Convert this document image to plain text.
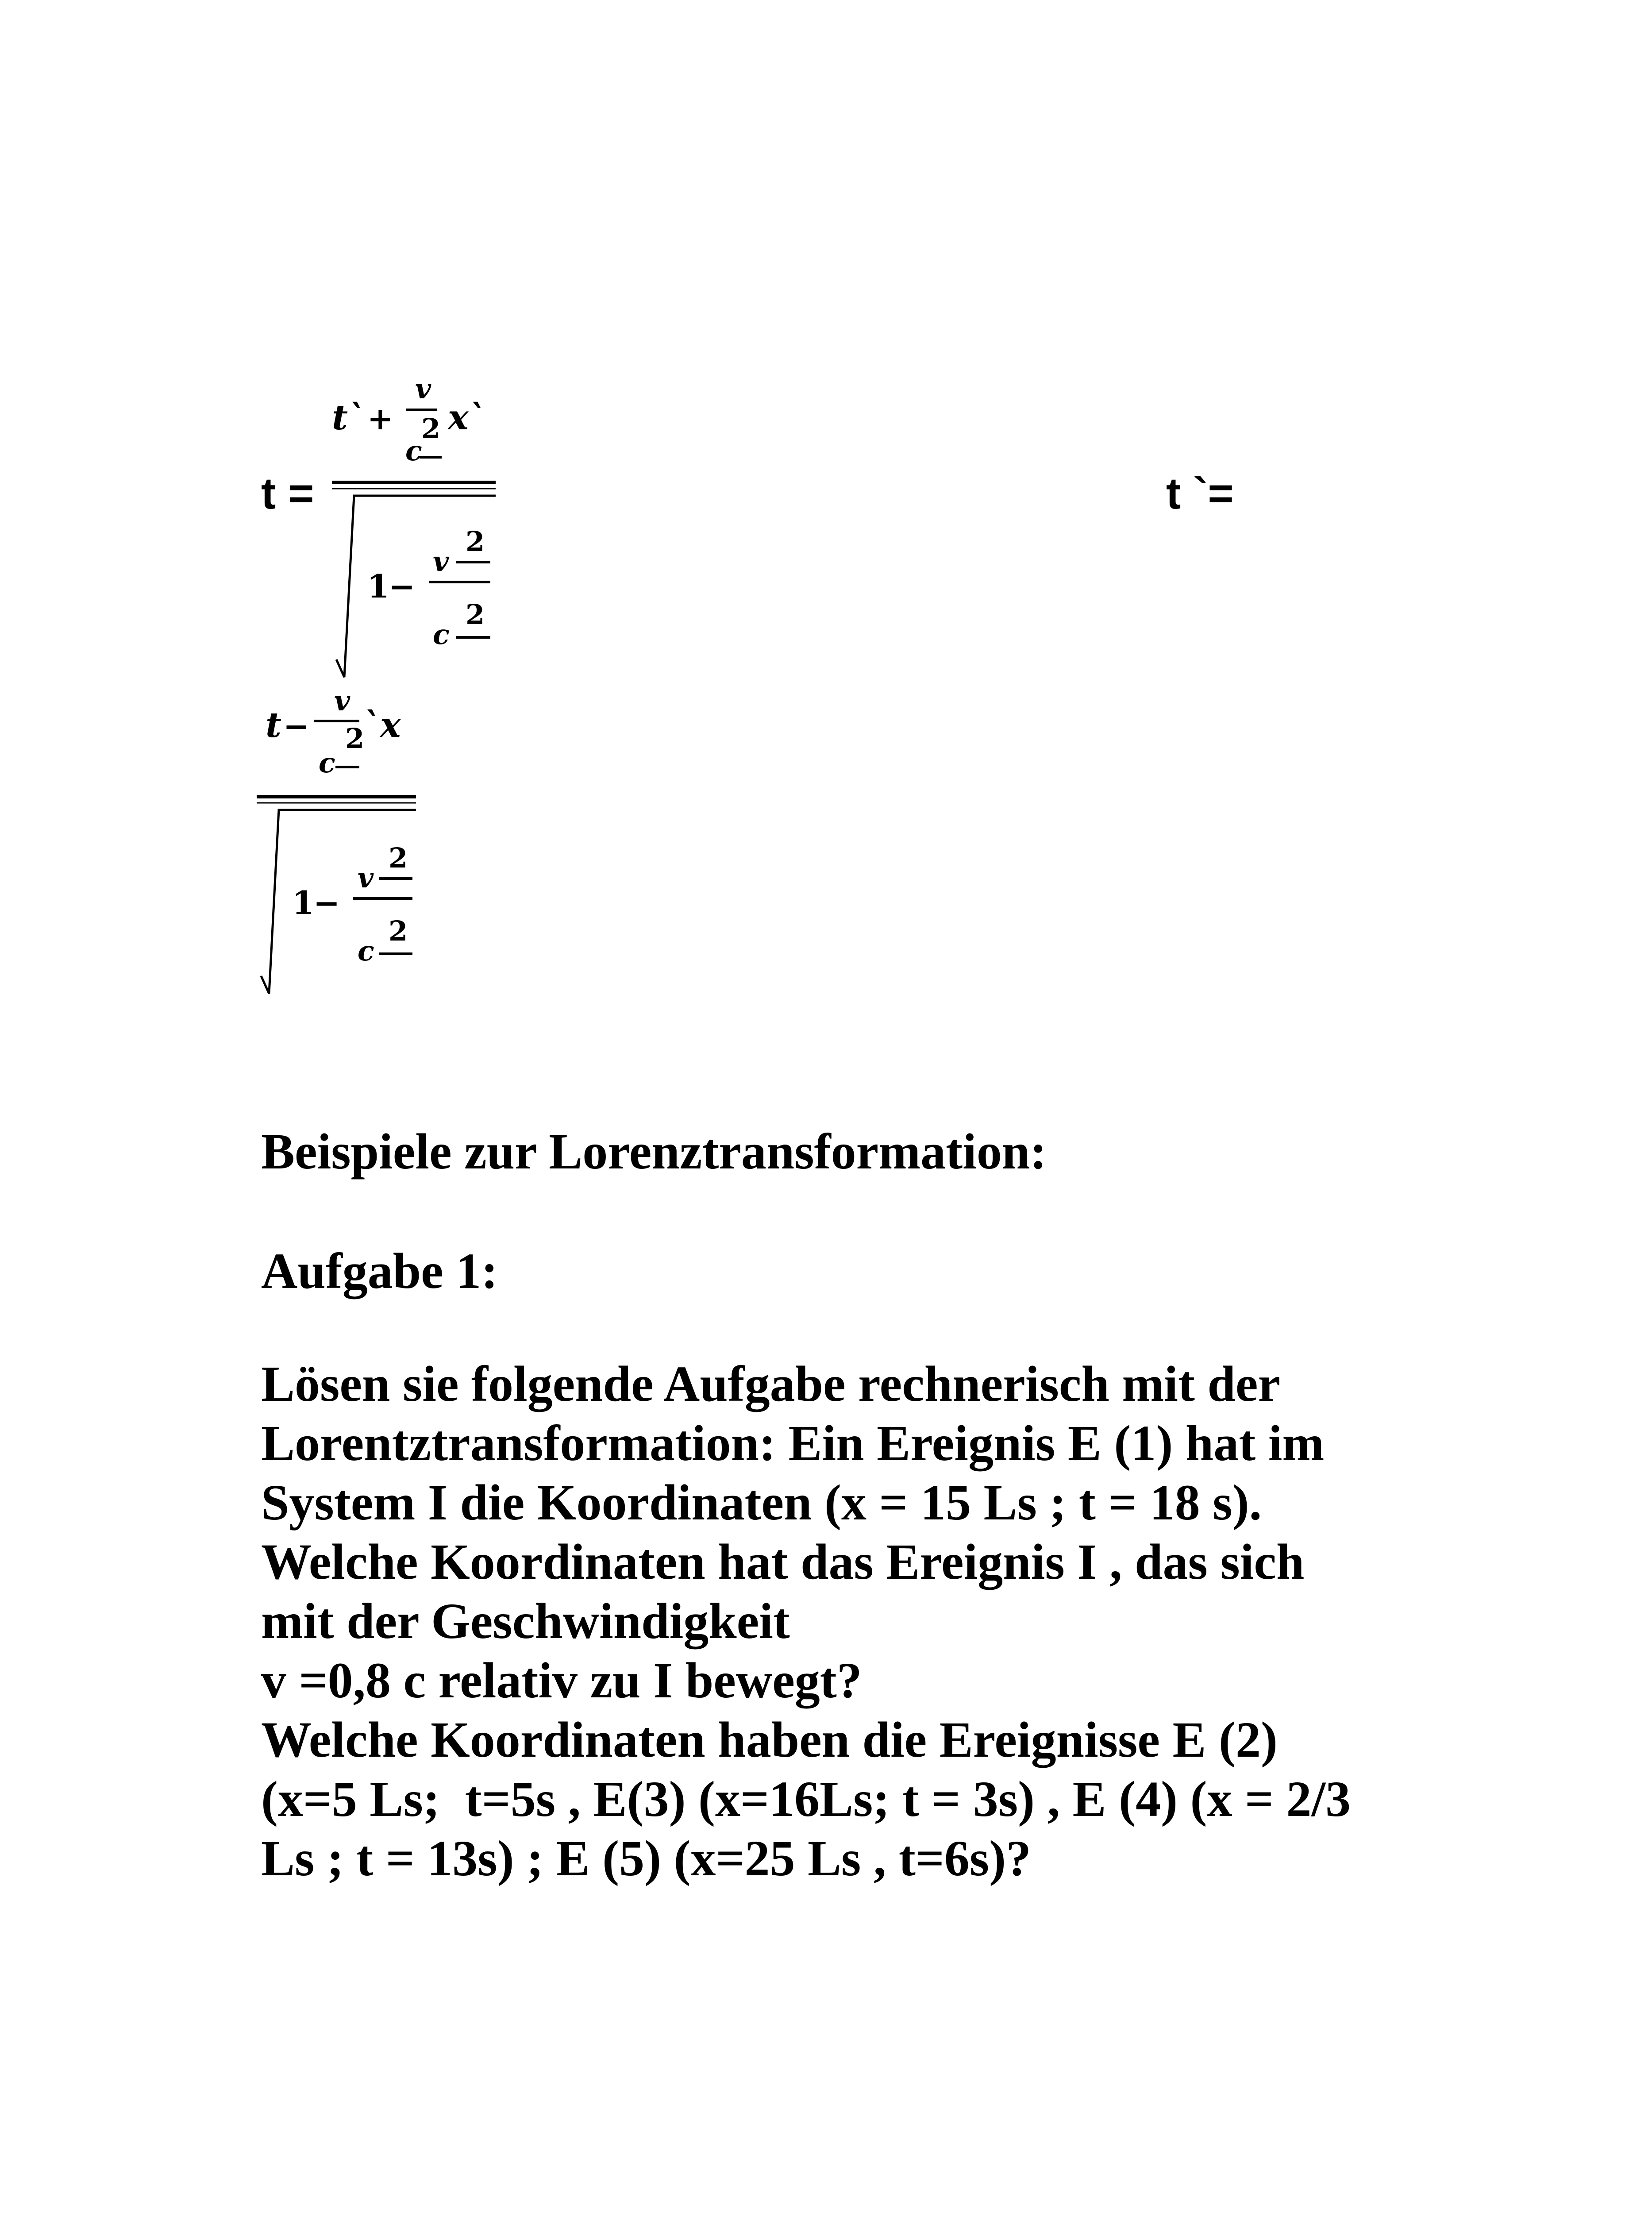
t =
t` +
v
2
c
x`
1
−
v
2
2
c
t `=
t −
v
2
c
`x
1
−
v
2
2
c
Beispiele zur Lorenztransformation:
Aufgabe 1:

Lösen sie folgende Aufgabe rechnerisch mit der
Lorentztransformation: Ein Ereignis E (1) hat im
System I die Koordinaten (x = 15 Ls ; t = 18 s).
Welche Koordinaten hat das Ereignis I , das sich
mit der Geschwindigkeit
v =0,8 c relativ zu I bewegt?
Welche Koordinaten haben die Ereignisse E (2)
(x=5 Ls;  t=5s , E(3) (x=16Ls; t = 3s) , E (4) (x = 2/3
Ls ; t = 13s) ; E (5) (x=25 Ls , t=6s)?
